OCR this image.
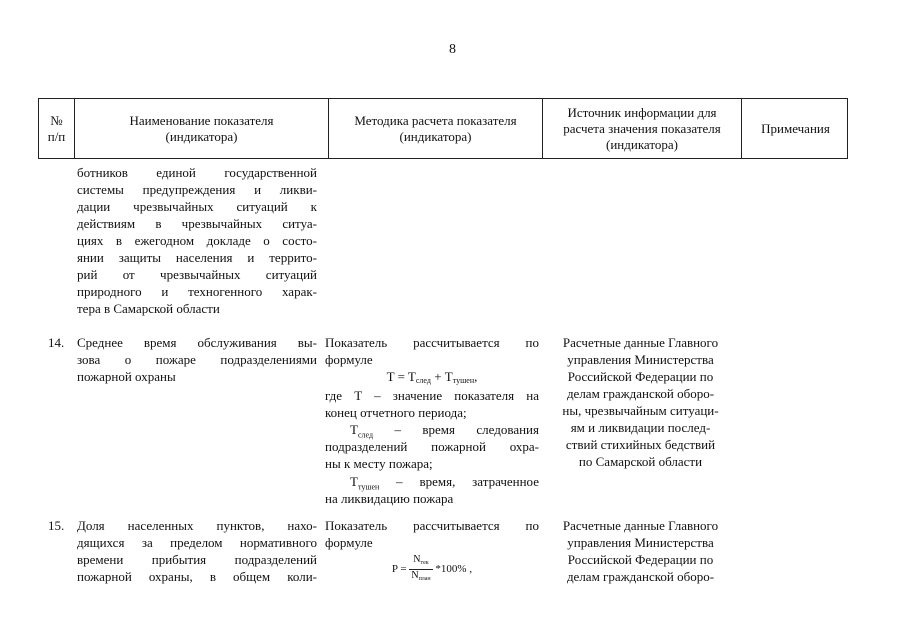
8
№ п/п
Наименование показателя (индикатора)
Методика расчета показателя (индикатора)
Источник информации для расчета значения показателя (индикатора)
Примечания
ботников единой государственной
системы предупреждения и ликви-
дации чрезвычайных ситуаций к
действиям в чрезвычайных ситуа-
циях в ежегодном докладе о состо-
янии защиты населения и террито-
рий от чрезвычайных ситуаций
природного и техногенного харак-
тера в Самарской области
14. Среднее время обслуживания вы-
зова о пожаре подразделениями
пожарной охраны
Показатель рассчитывается по
формуле
$T = T_{след} + T_{тушен}$,
где T – значение показателя на
конец отчетного периода;
$T_{след}$ – время следования
подразделений пожарной охра-
ны к месту пожара;
$T_{тушен}$ – время, затраченное
на ликвидацию пожара
Расчетные данные Главного
управления Министерства
Российской Федерации по
делам гражданской оборо-
ны, чрезвычайным ситуаци-
ям и ликвидации послед-
ствий стихийных бедствий
по Самарской области
15. Доля населенных пунктов, нахо-
дящихся за пределом нормативного
времени прибытия подразделений
пожарной охраны, в общем коли-
Показатель рассчитывается по
формуле
$P = \frac{N_{тек}}{N_{план}} *100\%$ ,
Расчетные данные Главного
управления Министерства
Российской Федерации по
делам гражданской оборо-
